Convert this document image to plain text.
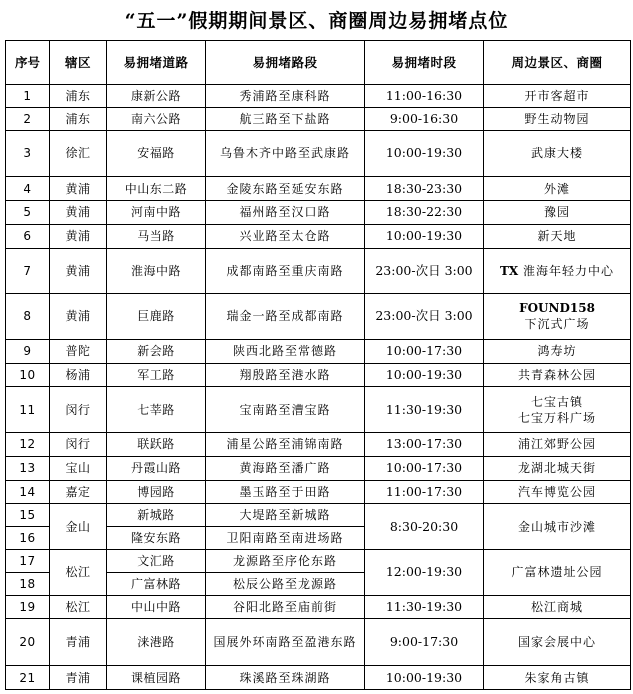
“五一”假期期间景区、商圈周边易拥堵点位
序号	辖区	易拥堵道路	易拥堵路段	易拥堵时段	周边景区、商圈
1	浦东	康新公路	秀浦路至康科路	11:00-16:30	开市客超市
2	浦东	南六公路	航三路至下盐路	9:00-16:30	野生动物园
3	徐汇	安福路	乌鲁木齐中路至武康路	10:00-19:30	武康大楼
4	黄浦	中山东二路	金陵东路至延安东路	18:30-23:30	外滩
5	黄浦	河南中路	福州路至汉口路	18:30-22:30	豫园
6	黄浦	马当路	兴业路至太仓路	10:00-19:30	新天地
7	黄浦	淮海中路	成都南路至重庆南路	23:00-次日 3:00	TX 淮海年轻力中心
8	黄浦	巨鹿路	瑞金一路至成都南路	23:00-次日 3:00	FOUND158
下沉式广场

9	普陀	新会路	陕西北路至常德路	10:00-17:30	鸿寿坊
10	杨浦	军工路	翔殷路至港水路	10:00-19:30	共青森林公园
11	闵行	七莘路	宝南路至漕宝路	11:30-19:30	七宝古镇
七宝万科广场

12	闵行	联跃路	浦星公路至浦锦南路	13:00-17:30	浦江郊野公园
13	宝山	丹霞山路	黄海路至潘广路	10:00-17:30	龙湖北城天街
14	嘉定	博园路	墨玉路至于田路	11:00-17:30	汽车博览公园
15	金山	新城路	大堤路至新城路	8:30-20:30	金山城市沙滩
16		隆安东路	卫阳南路至南进场路		
17	松江	文汇路	龙源路至序伦东路	12:00-19:30	广富林遗址公园
18		广富林路	松辰公路至龙源路		
19	松江	中山中路	谷阳北路至庙前街	11:30-19:30	松江商城
20	青浦	涞港路	国展外环南路至盈港东路	9:00-17:30	国家会展中心
21	青浦	课植园路	珠溪路至珠湖路	10:00-19:30	朱家角古镇
